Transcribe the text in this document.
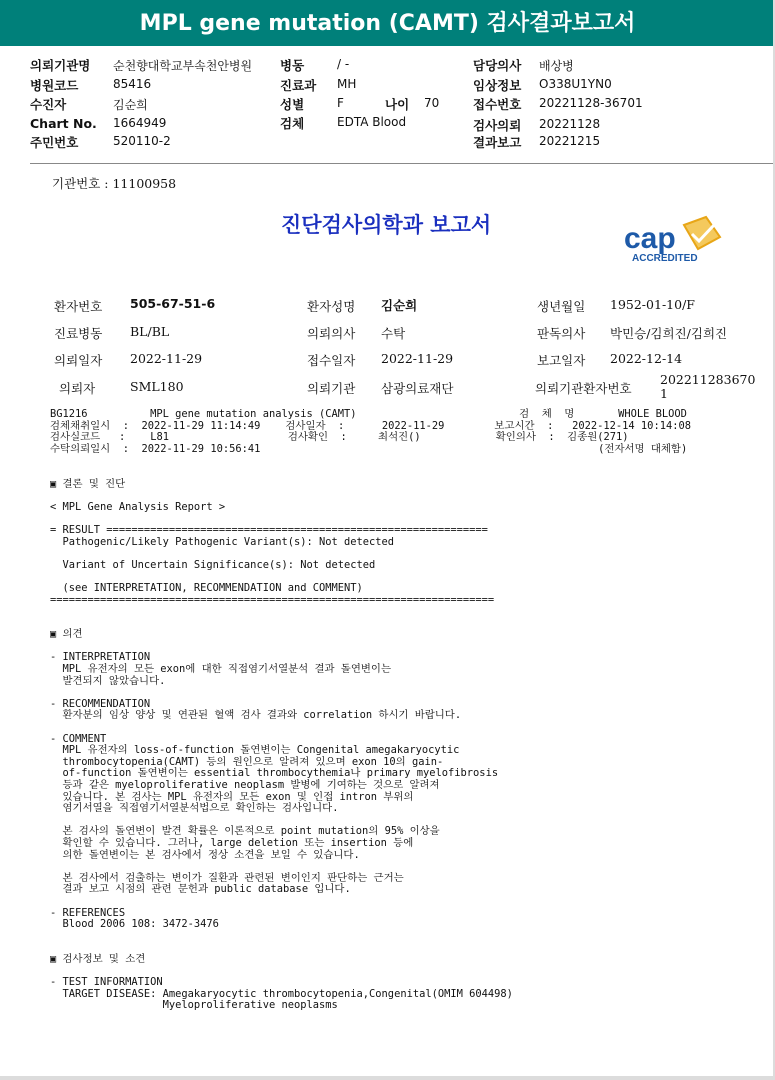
MPL gene mutation (CAMT) 검사결과보고서
의뢰기관명 순천향대학교부속천안병원 병동	/ -	담당의사 배상병
병원코드	85416	진료과 MH	임상정보 O338U1YN0
수진자	김순희	성별	F	나이 70	접수번호 20221128-36701
Chart No. 1664949	검체	EDTA Blood	검사의뢰 20221128
주민번호	520110-2	결과보고 20221215
기관번호 : 11100958
진단검사의학과 보고서	cap
ACCREDITED
환자번호 505-67-51-6	환자성명 김순희	생년월일 1952-01-10/F
진료병동 BL/BL	의뢰의사 수탁	판독의사 박민승/김희진/김희진
의뢰일자 2022-11-29	접수일자 2022-11-29	보고일자 2022-12-14
의뢰자	SML180	의뢰기관 삼광의료재단	의뢰기관환자번호
202211283670
1
BG1216          MPL gene mutation analysis (CAMT)                          검  체  명       WHOLE BLOOD
검체채취일시  :  2022-11-29 11:14:49    검사일자  :      2022-11-29        보고시간  :   2022-12-14 10:14:08
검사실코드   :    L81                   검사확인  :     최석진()            확인의사  :  김종원(271)
수탁의뢰일시  :  2022-11-29 10:56:41                                                      (전자서명 대체함)

▣ 결론 및 진단

< MPL Gene Analysis Report >

= RESULT =============================================================
Pathogenic/Likely Pathogenic Variant(s): Not detected

Variant of Uncertain Significance(s): Not detected

(see INTERPRETATION, RECOMMENDATION and COMMENT)
=======================================================================

▣ 의견

- INTERPRETATION
MPL 유전자의 모든 exon에 대한 직접염기서열분석 결과 돌연변이는
발견되지 않았습니다.

- RECOMMENDATION
환자분의 임상 양상 및 연관된 혈액 검사 결과와 correlation 하시기 바랍니다.

- COMMENT
MPL 유전자의 loss-of-function 돌연변이는 Congenital amegakaryocytic
thrombocytopenia(CAMT) 등의 원인으로 알려져 있으며 exon 10의 gain-
of-function 돌연변이는 essential thrombocythemia나 primary myelofibrosis
등과 같은 myeloproliferative neoplasm 발병에 기여하는 것으로 알려져
있습니다. 본 검사는 MPL 유전자의 모든 exon 및 인접 intron 부위의
염기서열을 직접염기서열분석법으로 확인하는 검사입니다.

본 검사의 돌연변이 발견 확률은 이론적으로 point mutation의 95% 이상을
확인할 수 있습니다. 그러나, large deletion 또는 insertion 등에
의한 돌연변이는 본 검사에서 정상 소견을 보일 수 있습니다.

본 검사에서 검출하는 변이가 질환과 관련된 변이인지 판단하는 근거는
결과 보고 시점의 관련 문헌과 public database 입니다.

- REFERENCES
Blood 2006 108: 3472-3476

▣ 검사정보 및 소견

- TEST INFORMATION
TARGET DISEASE: Amegakaryocytic thrombocytopenia,Congenital(OMIM 604498)
Myeloproliferative neoplasms
